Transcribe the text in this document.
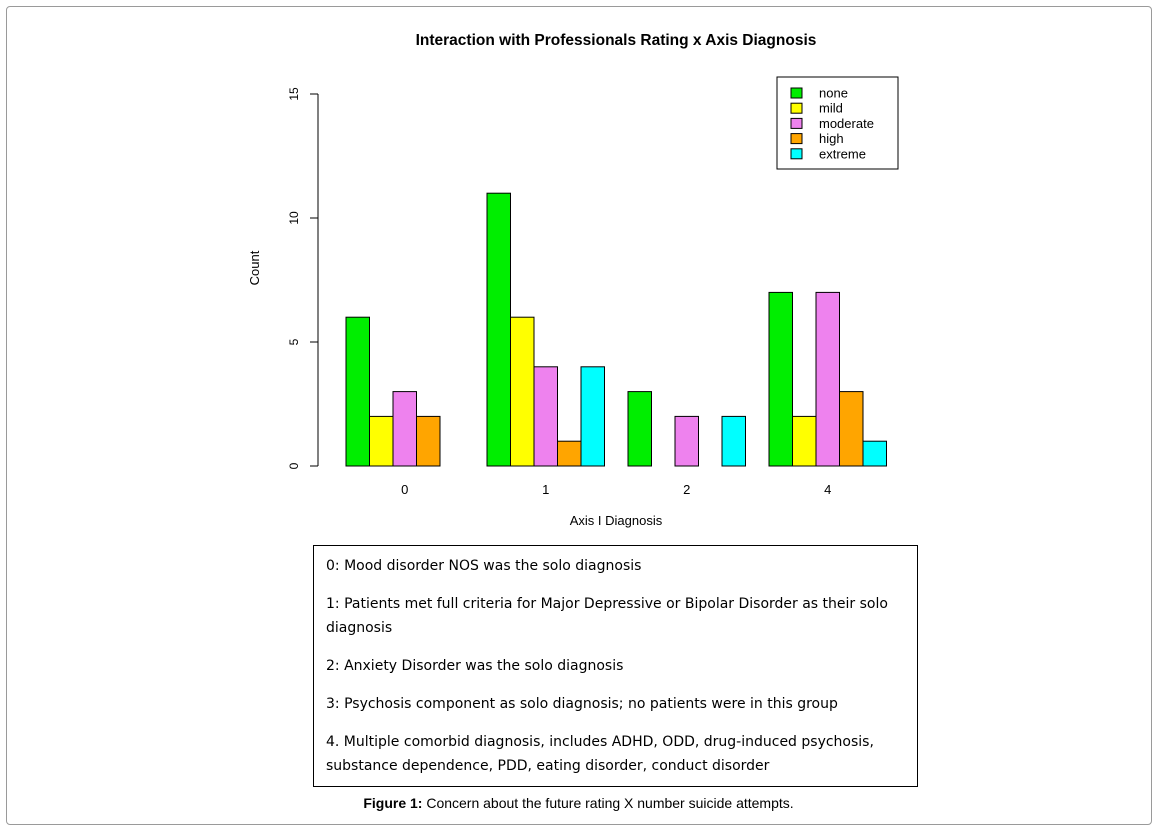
Interaction with Professionals Rating x Axis Diagnosis
Count
Axis I Diagnosis
0
5
10
15
0	1	2	4
none
mild
moderate
high
extreme

0: Mood disorder NOS was the solo diagnosis

1: Patients met full criteria for Major Depressive or Bipolar Disorder as their solo diagnosis

2: Anxiety Disorder was the solo diagnosis

3: Psychosis component as solo diagnosis; no patients were in this group

4. Multiple comorbid diagnosis, includes ADHD, ODD, drug-induced psychosis, substance dependence, PDD, eating disorder, conduct disorder

Figure 1: Concern about the future rating X number suicide attempts.
